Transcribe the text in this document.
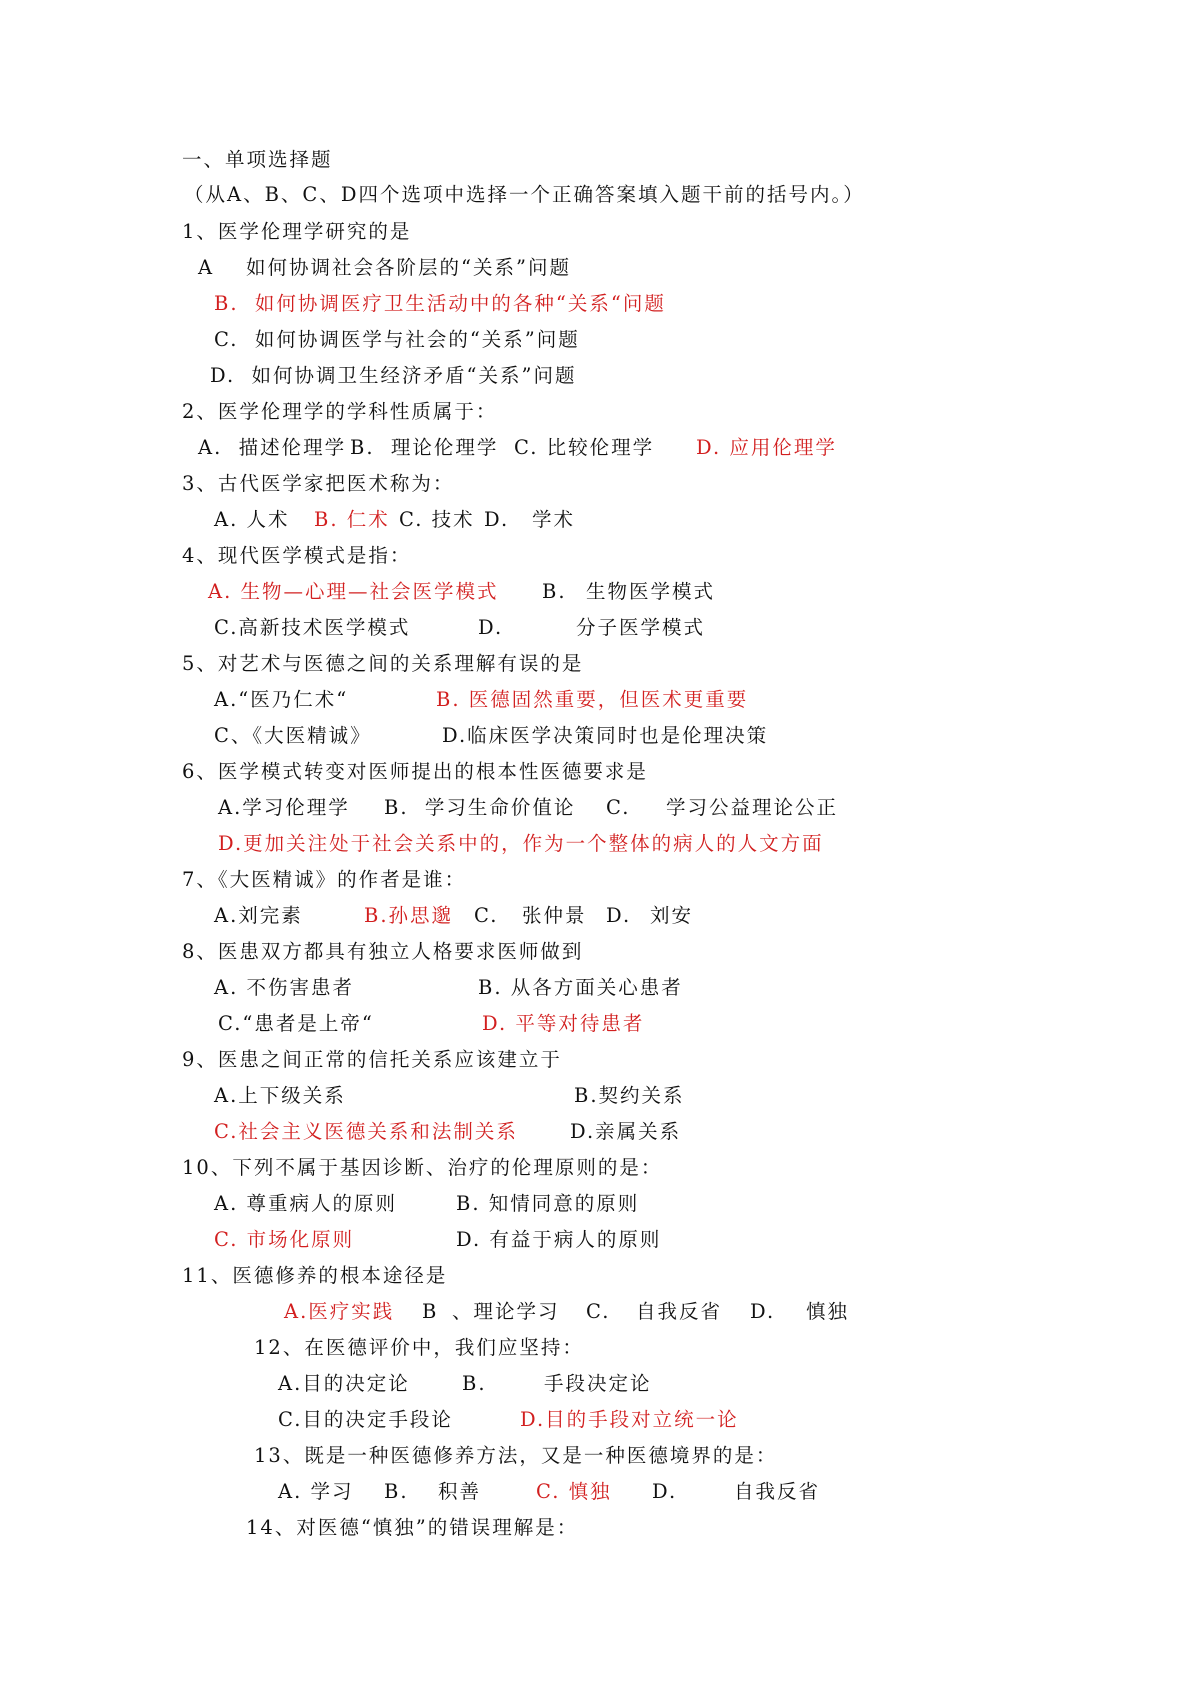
一、单项选择题
（从A、B、C、D四个选项中选择一个正确答案填入题干前的括号内。）
1、医学伦理学研究的是
A 如何协调社会各阶层的“关系”问题
B.  如何协调医疗卫生活动中的各种“关系“问题
C.  如何协调医学与社会的“关系”问题
D.  如何协调卫生经济矛盾“关系”问题
2、医学伦理学的学科性质属于：
A.  描述伦理学 B.  理论伦理学 C. 比较伦理学 D. 应用伦理学
3、古代医学家把医术称为：
A. 人术 B. 仁术 C. 技术 D. 学术
4、现代医学模式是指：
A. 生物—心理—社会医学模式 B. 生物医学模式
C.高新技术医学模式	D.	分子医学模式
5、对艺术与医德之间的关系理解有误的是
A.“医乃仁术“	B. 医德固然重要，但医术更重要
C、《大医精诚》	D.临床医学决策同时也是伦理决策
6、医学模式转变对医师提出的根本性医德要求是
A.学习伦理学 B.  学习生命价值论 C. 学习公益理论公正
D.更加关注处于社会关系中的，作为一个整体的病人的人文方面
7、《大医精诚》的作者是谁：
A.刘完素	B.孙思邈 C. 张仲景 D. 刘安
8、医患双方都具有独立人格要求医师做到
A. 不伤害患者	B. 从各方面关心患者
C.“患者是上帝“	D. 平等对待患者
9、医患之间正常的信托关系应该建立于
A.上下级关系	B.契约关系
C.社会主义医德关系和法制关系	D.亲属关系
10、下列不属于基因诊断、治疗的伦理原则的是：
A. 尊重病人的原则	B. 知情同意的原则
C. 市场化原则	D. 有益于病人的原则
11、医德修养的根本途径是
A.医疗实践 B 、理论学习 C. 自我反省 D. 慎独
12、在医德评价中，我们应坚持：
A.目的决定论	B.	手段决定论
C.目的决定手段论	D.目的手段对立统一论
13、既是一种医德修养方法，又是一种医德境界的是：
A. 学习 B. 积善	C. 慎独 D.	自我反省
14、对医德“慎独”的错误理解是：
